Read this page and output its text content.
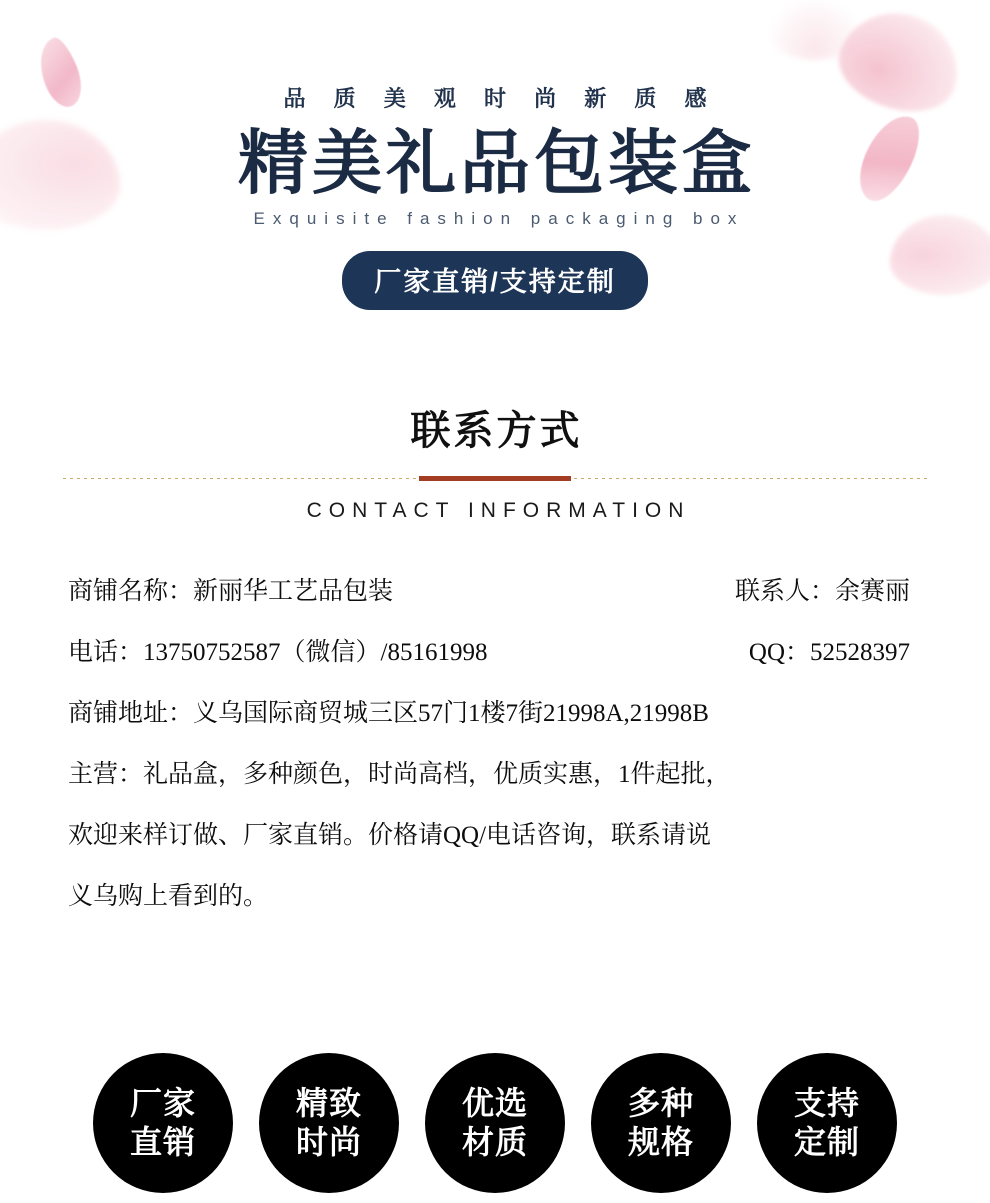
品 质 美 观 时 尚 新 质 感
精美礼品包装盒
Exquisite fashion packaging box
厂家直销/支持定制
联系方式
CONTACT INFORMATION
商铺名称：新丽华工艺品包装	联系人：余赛丽
电话：13750752587（微信）/85161998	QQ：52528397
商铺地址：义乌国际商贸城三区57门1楼7街21998A,21998B
主营：礼品盒，多种颜色，时尚高档，优质实惠，1件起批，
欢迎来样订做、厂家直销。价格请QQ/电话咨询，联系请说
义乌购上看到的。
厂家
直销
精致
时尚
优选
材质
多种
规格
支持
定制
